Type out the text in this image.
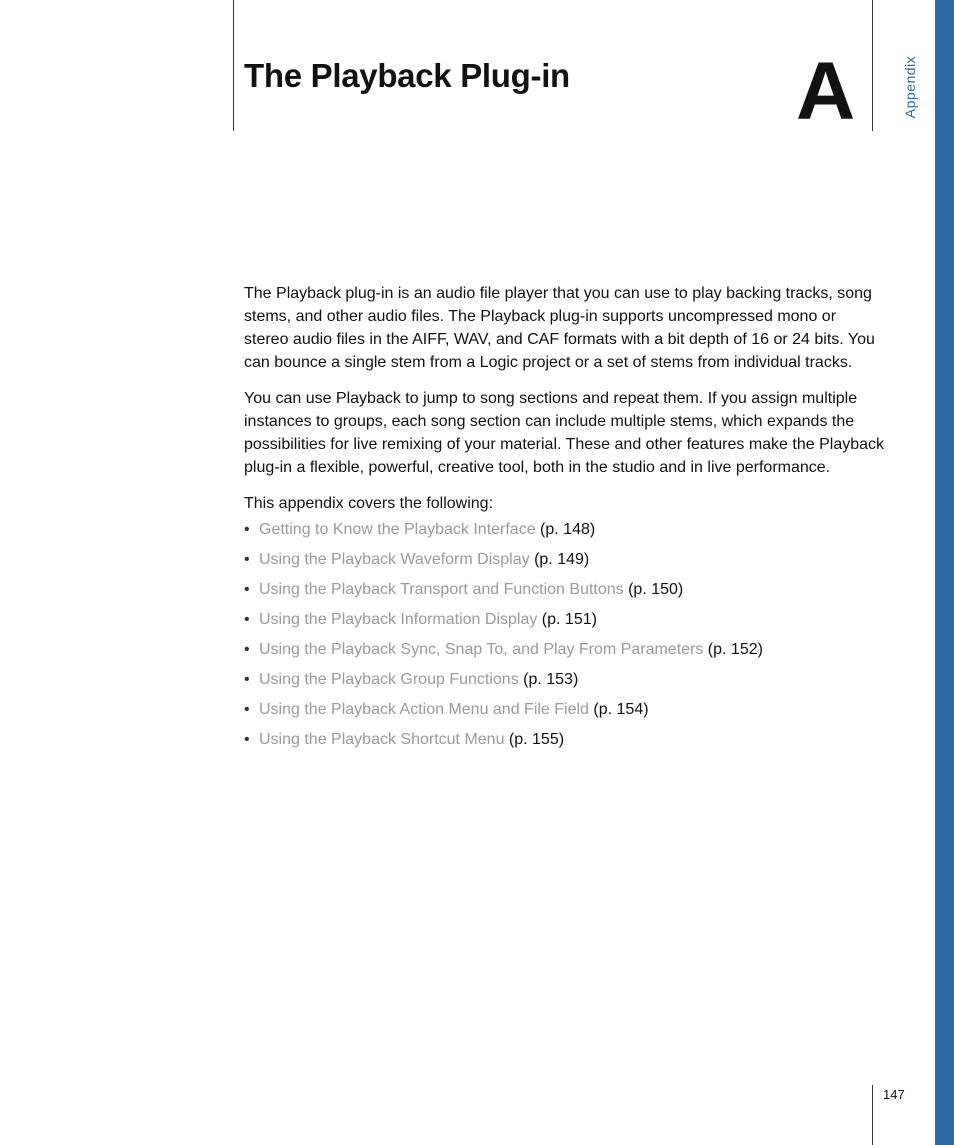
The Playback Plug-in	A	Appendix

The Playback plug-in is an audio file player that you can use to play backing tracks, song stems, and other audio files. The Playback plug-in supports uncompressed mono or stereo audio files in the AIFF, WAV, and CAF formats with a bit depth of 16 or 24 bits. You can bounce a single stem from a Logic project or a set of stems from individual tracks.

You can use Playback to jump to song sections and repeat them. If you assign multiple instances to groups, each song section can include multiple stems, which expands the possibilities for live remixing of your material. These and other features make the Playback plug-in a flexible, powerful, creative tool, both in the studio and in live performance.

This appendix covers the following:

• Getting to Know the Playback Interface (p. 148)
• Using the Playback Waveform Display (p. 149)
• Using the Playback Transport and Function Buttons (p. 150)
• Using the Playback Information Display (p. 151)
• Using the Playback Sync, Snap To, and Play From Parameters (p. 152)
• Using the Playback Group Functions (p. 153)
• Using the Playback Action Menu and File Field (p. 154)
• Using the Playback Shortcut Menu (p. 155)
147
